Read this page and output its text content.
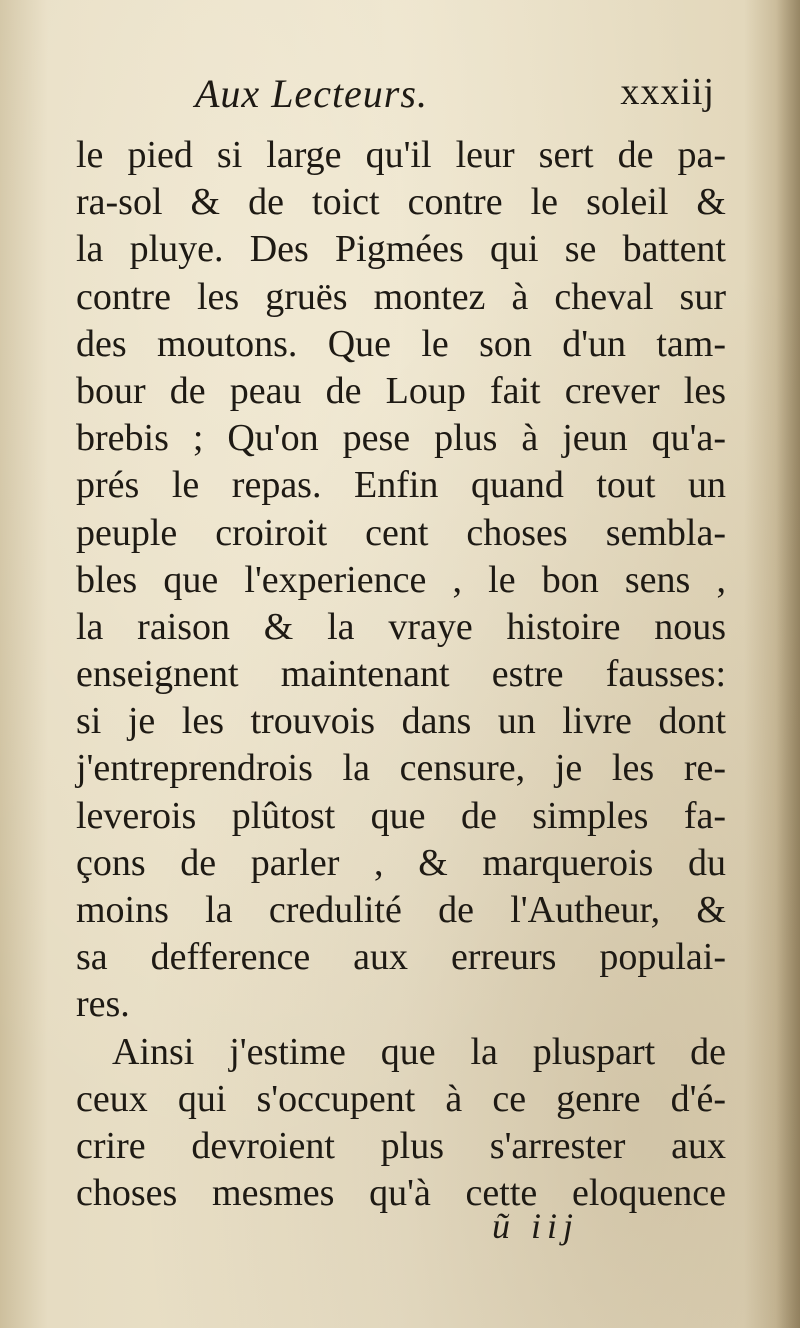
Aux Lecteurs.	xxxiij
le pied si large qu'il leur sert de pa-
ra-sol & de toict contre le soleil &
la pluye. Des Pigmées qui se battent
contre les gruës montez à cheval sur
des moutons. Que le son d'un tam-
bour de peau de Loup fait crever les
brebis ; Qu'on pese plus à jeun qu'a-
prés le repas. Enfin quand tout un
peuple croiroit cent choses sembla-
bles que l'experience , le bon sens ,
la raison & la vraye histoire nous
enseignent maintenant estre fausses:
si je les trouvois dans un livre dont
j'entreprendrois la censure, je les re-
leverois plûtost que de simples fa-
çons de parler , & marquerois du
moins la credulité de l'Autheur, &
sa defference aux erreurs populai-
res.
Ainsi j'estime que la pluspart de
ceux qui s'occupent à ce genre d'é-
crire devroient plus s'arrester aux
choses mesmes qu'à cette eloquence
ũ iij
